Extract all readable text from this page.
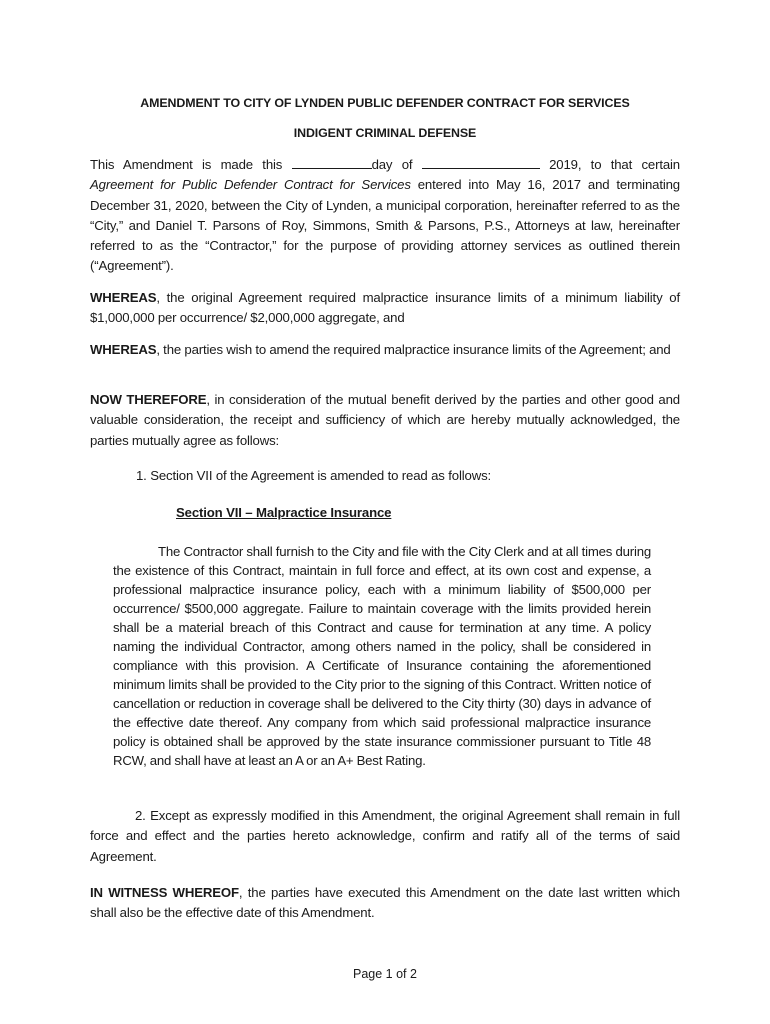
AMENDMENT TO CITY OF LYNDEN PUBLIC DEFENDER CONTRACT FOR SERVICES
INDIGENT CRIMINAL DEFENSE
This Amendment is made this	day of	2019, to that certain Agreement for Public Defender Contract for Services entered into May 16, 2017 and terminating December 31, 2020, between the City of Lynden, a municipal corporation, hereinafter referred to as the “City,” and Daniel T. Parsons of Roy, Simmons, Smith & Parsons, P.S., Attorneys at law, hereinafter referred to as the “Contractor,” for the purpose of providing attorney services as outlined therein (“Agreement”).
WHEREAS, the original Agreement required malpractice insurance limits of a minimum liability of $1,000,000 per occurrence/ $2,000,000 aggregate, and
WHEREAS, the parties wish to amend the required malpractice insurance limits of the Agreement; and
NOW THEREFORE, in consideration of the mutual benefit derived by the parties and other good and valuable consideration, the receipt and sufficiency of which are hereby mutually acknowledged, the parties mutually agree as follows:
1. Section VII of the Agreement is amended to read as follows:
Section VII – Malpractice Insurance
The Contractor shall furnish to the City and file with the City Clerk and at all times during the existence of this Contract, maintain in full force and effect, at its own cost and expense, a professional malpractice insurance policy, each with a minimum liability of $500,000 per occurrence/ $500,000 aggregate. Failure to maintain coverage with the limits provided herein shall be a material breach of this Contract and cause for termination at any time. A policy naming the individual Contractor, among others named in the policy, shall be considered in compliance with this provision. A Certificate of Insurance containing the aforementioned minimum limits shall be provided to the City prior to the signing of this Contract. Written notice of cancellation or reduction in coverage shall be delivered to the City thirty (30) days in advance of the effective date thereof. Any company from which said professional malpractice insurance policy is obtained shall be approved by the state insurance commissioner pursuant to Title 48 RCW, and shall have at least an A or an A+ Best Rating.
2. Except as expressly modified in this Amendment, the original Agreement shall remain in full force and effect and the parties hereto acknowledge, confirm and ratify all of the terms of said Agreement.
IN WITNESS WHEREOF, the parties have executed this Amendment on the date last written which shall also be the effective date of this Amendment.
Page 1 of 2
